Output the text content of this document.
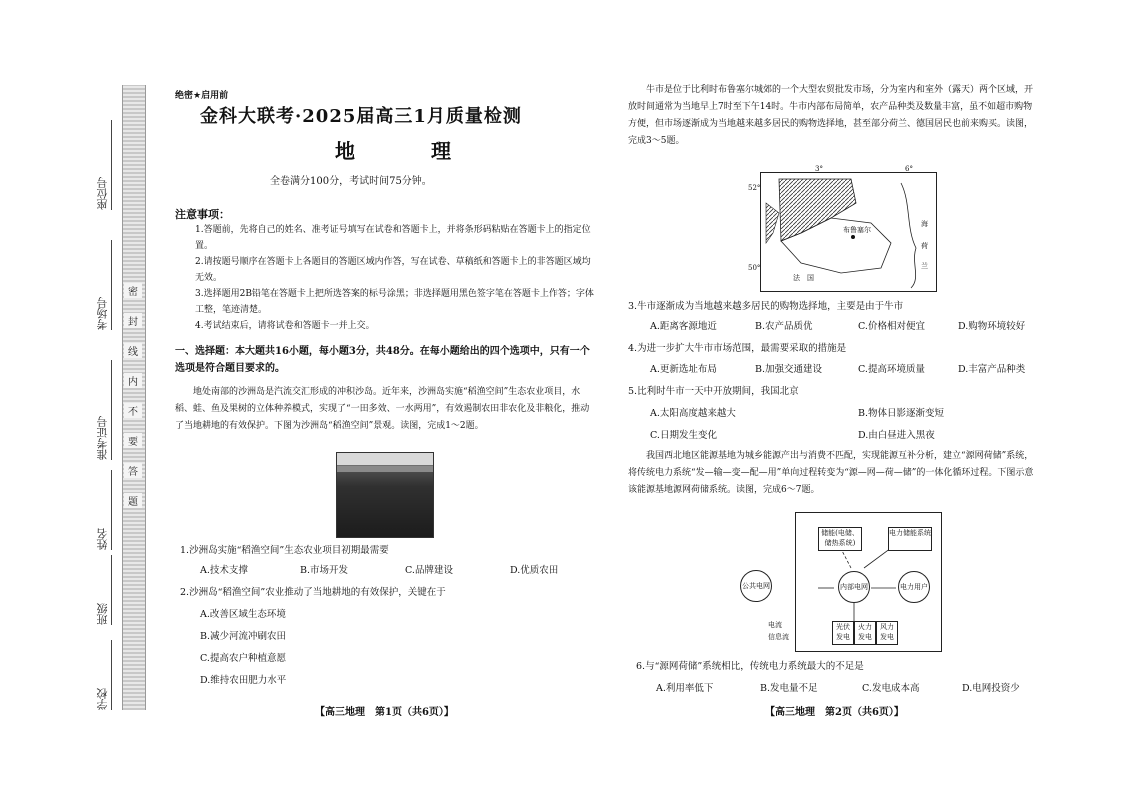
密
封
线
内
不
要
答
题
座位号
考场号
准考证号
姓名
班级
学校
绝密★启用前
金科大联考·2025届高三1月质量检测
地　理
全卷满分100分，考试时间75分钟。
注意事项：
1.答题前，先将自己的姓名、准考证号填写在试卷和答题卡上，并将条形码粘贴在答题卡上的指定位置。
2.请按题号顺序在答题卡上各题目的答题区域内作答，写在试卷、草稿纸和答题卡上的非答题区域均无效。
3.选择题用2B铅笔在答题卡上把所选答案的标号涂黑；非选择题用黑色签字笔在答题卡上作答；字体工整，笔迹清楚。
4.考试结束后，请将试卷和答题卡一并上交。
一、选择题：本大题共16小题，每小题3分，共48分。在每小题给出的四个选项中，只有一个选项是符合题目要求的。
地处南部的沙洲岛是汽流交汇形成的冲积沙岛。近年来，沙洲岛实施“稻渔空间”生态农业项目，水稻、蛙、鱼及果树的立体种养模式，实现了“一田多效、一水两用”，有效遏制农田非农化及非粮化，推动了当地耕地的有效保护。下图为沙洲岛“稻渔空间”景观。读图，完成1～2题。
1.沙洲岛实施“稻渔空间”生态农业项目初期最需要
A.技术支撑	B.市场开发	C.品牌建设	D.优质农田
2.沙洲岛“稻渔空间”农业推动了当地耕地的有效保护，关键在于
A.改善区域生态环境
B.减少河流冲刷农田
C.提高农户种植意愿
D.维持农田肥力水平
【高三地理　第1页（共6页）】
牛市是位于比利时布鲁塞尔城郊的一个大型农贸批发市场，分为室内和室外（露天）两个区域，开放时间通常为当地早上7时至下午14时。牛市内部布局简单，农产品种类及数量丰富，虽不如超市购物方便，但市场逐渐成为当地越来越多居民的购物选择地，甚至部分荷兰、德国居民也前来购买。读图，完成3～5题。
布鲁塞尔
法　国
海
荷
兰
3°	6°
52°
50°
3.牛市逐渐成为当地越来越多居民的购物选择地，主要是由于牛市
A.距离客源地近	B.农产品质优	C.价格相对便宜	D.购物环境较好
4.为进一步扩大牛市市场范围，最需要采取的措施是
A.更新选址布局	B.加强交通建设	C.提高环境质量	D.丰富产品种类
5.比利时牛市一天中开放期间，我国北京
A.太阳高度越来越大	B.物体日影逐渐变短
C.日期发生变化	D.由白昼进入黑夜
我国西北地区能源基地为城乡能源产出与消费不匹配，实现能源互补分析，建立“源网荷储”系统，将传统电力系统“发—输—变—配—用”单向过程转变为“源—网—荷—储”的一体化循环过程。下图示意该能源基地源网荷储系统。读图，完成6～7题。
储能(电储、储热系统)
电力储能系统
内部电网	电力用户
光伏发电
火力发电
风力发电
公共电网
电流
信息流
6.与“源网荷储”系统相比，传统电力系统最大的不足是
A.利用率低下	B.发电量不足	C.发电成本高	D.电网投资少
【高三地理　第2页（共6页）】
